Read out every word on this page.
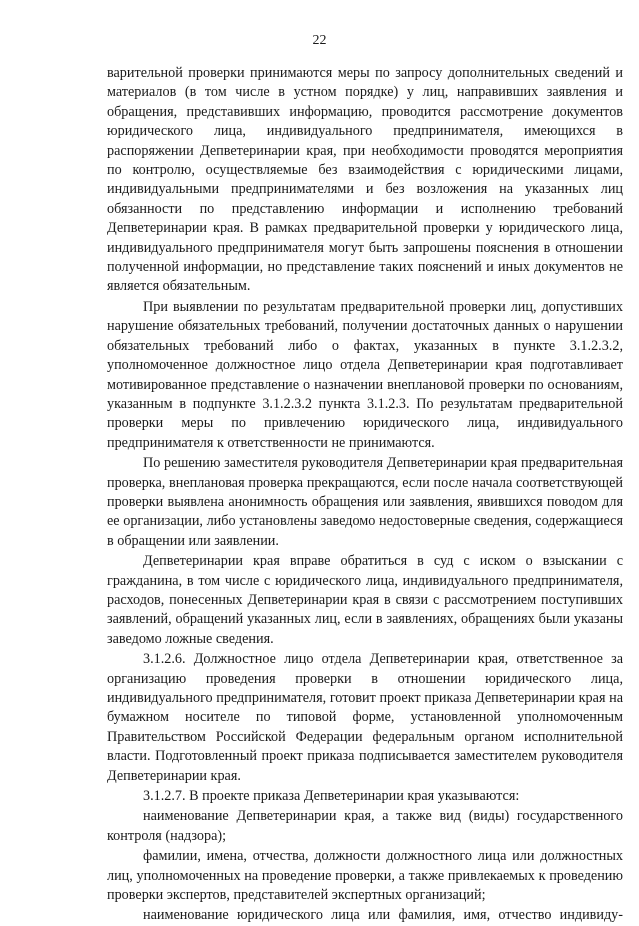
22

варительной проверки принимаются меры по запросу дополнительных сведений и материалов (в том числе в устном порядке) у лиц, направивших заявления и обращения, представивших информацию, проводится рассмотрение документов юридического лица, индивидуального предпринимателя, имеющихся в распоряжении Депветеринарии края, при необходимости проводятся мероприятия по контролю, осуществляемые без взаимодействия с юридическими лицами, индивидуальными предпринимателями и без возложения на указанных лиц обязанности по представлению информации и исполнению требований Депветеринарии края. В рамках предварительной проверки у юридического лица, индивидуального предпринимателя могут быть запрошены пояснения в отношении полученной информации, но представление таких пояснений и иных документов не является обязательным.

При выявлении по результатам предварительной проверки лиц, допустивших нарушение обязательных требований, получении достаточных данных о нарушении обязательных требований либо о фактах, указанных в пункте 3.1.2.3.2, уполномоченное должностное лицо отдела Депветеринарии края подготавливает мотивированное представление о назначении внеплановой проверки по основаниям, указанным в подпункте 3.1.2.3.2 пункта 3.1.2.3. По результатам предварительной проверки меры по привлечению юридического лица, индивидуального предпринимателя к ответственности не принимаются.

По решению заместителя руководителя Депветеринарии края предварительная проверка, внеплановая проверка прекращаются, если после начала соответствующей проверки выявлена анонимность обращения или заявления, явившихся поводом для ее организации, либо установлены заведомо недостоверные сведения, содержащиеся в обращении или заявлении.

Депветеринарии края вправе обратиться в суд с иском о взыскании с гражданина, в том числе с юридического лица, индивидуального предпринимателя, расходов, понесенных Депветеринарии края в связи с рассмотрением поступивших заявлений, обращений указанных лиц, если в заявлениях, обращениях были указаны заведомо ложные сведения.

3.1.2.6. Должностное лицо отдела Депветеринарии края, ответственное за организацию проведения проверки в отношении юридического лица, индивидуального предпринимателя, готовит проект приказа Депветеринарии края на бумажном носителе по типовой форме, установленной уполномоченным Правительством Российской Федерации федеральным органом исполнительной власти. Подготовленный проект приказа подписывается заместителем руководителя Депветеринарии края.

3.1.2.7. В проекте приказа Депветеринарии края указываются:

наименование Депветеринарии края, а также вид (виды) государственного контроля (надзора);

фамилии, имена, отчества, должности должностного лица или должностных лиц, уполномоченных на проведение проверки, а также привлекаемых к проведению проверки экспертов, представителей экспертных организаций;

наименование юридического лица или фамилия, имя, отчество индивиду-
